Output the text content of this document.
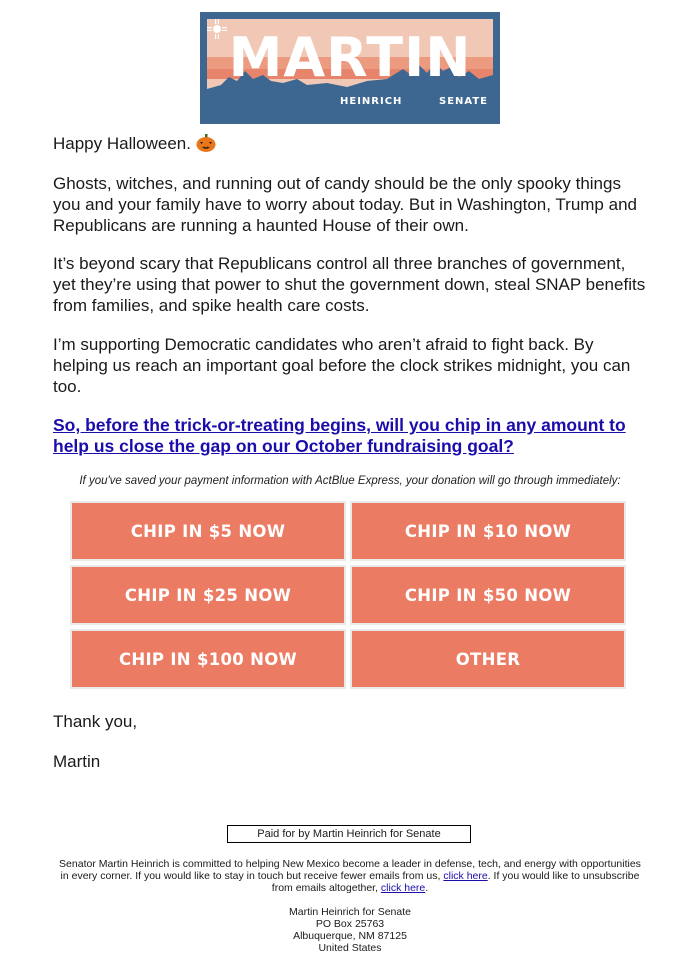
MARTIN
HEINRICH	SENATE

Happy Halloween.

Ghosts, witches, and running out of candy should be the only spooky things you and your family have to worry about today. But in Washington, Trump and Republicans are running a haunted House of their own.

It’s beyond scary that Republicans control all three branches of government, yet they’re using that power to shut the government down, steal SNAP benefits from families, and spike health care costs.

I’m supporting Democratic candidates who aren’t afraid to fight back. By helping us reach an important goal before the clock strikes midnight, you can too.

So, before the trick-or-treating begins, will you chip in any amount to help us close the gap on our October fundraising goal?

If you've saved your payment information with ActBlue Express, your donation will go through immediately:
CHIP IN $5 NOW	CHIP IN $10 NOW
CHIP IN $25 NOW	CHIP IN $50 NOW
CHIP IN $100 NOW	OTHER

Thank you,

Martin

Paid for by Martin Heinrich for Senate
Senator Martin Heinrich is committed to helping New Mexico become a leader in defense, tech, and energy with opportunities in every corner. If you would like to stay in touch but receive fewer emails from us, click here. If you would like to unsubscribe from emails altogether, click here.
Martin Heinrich for Senate
PO Box 25763
Albuquerque, NM 87125
United States
